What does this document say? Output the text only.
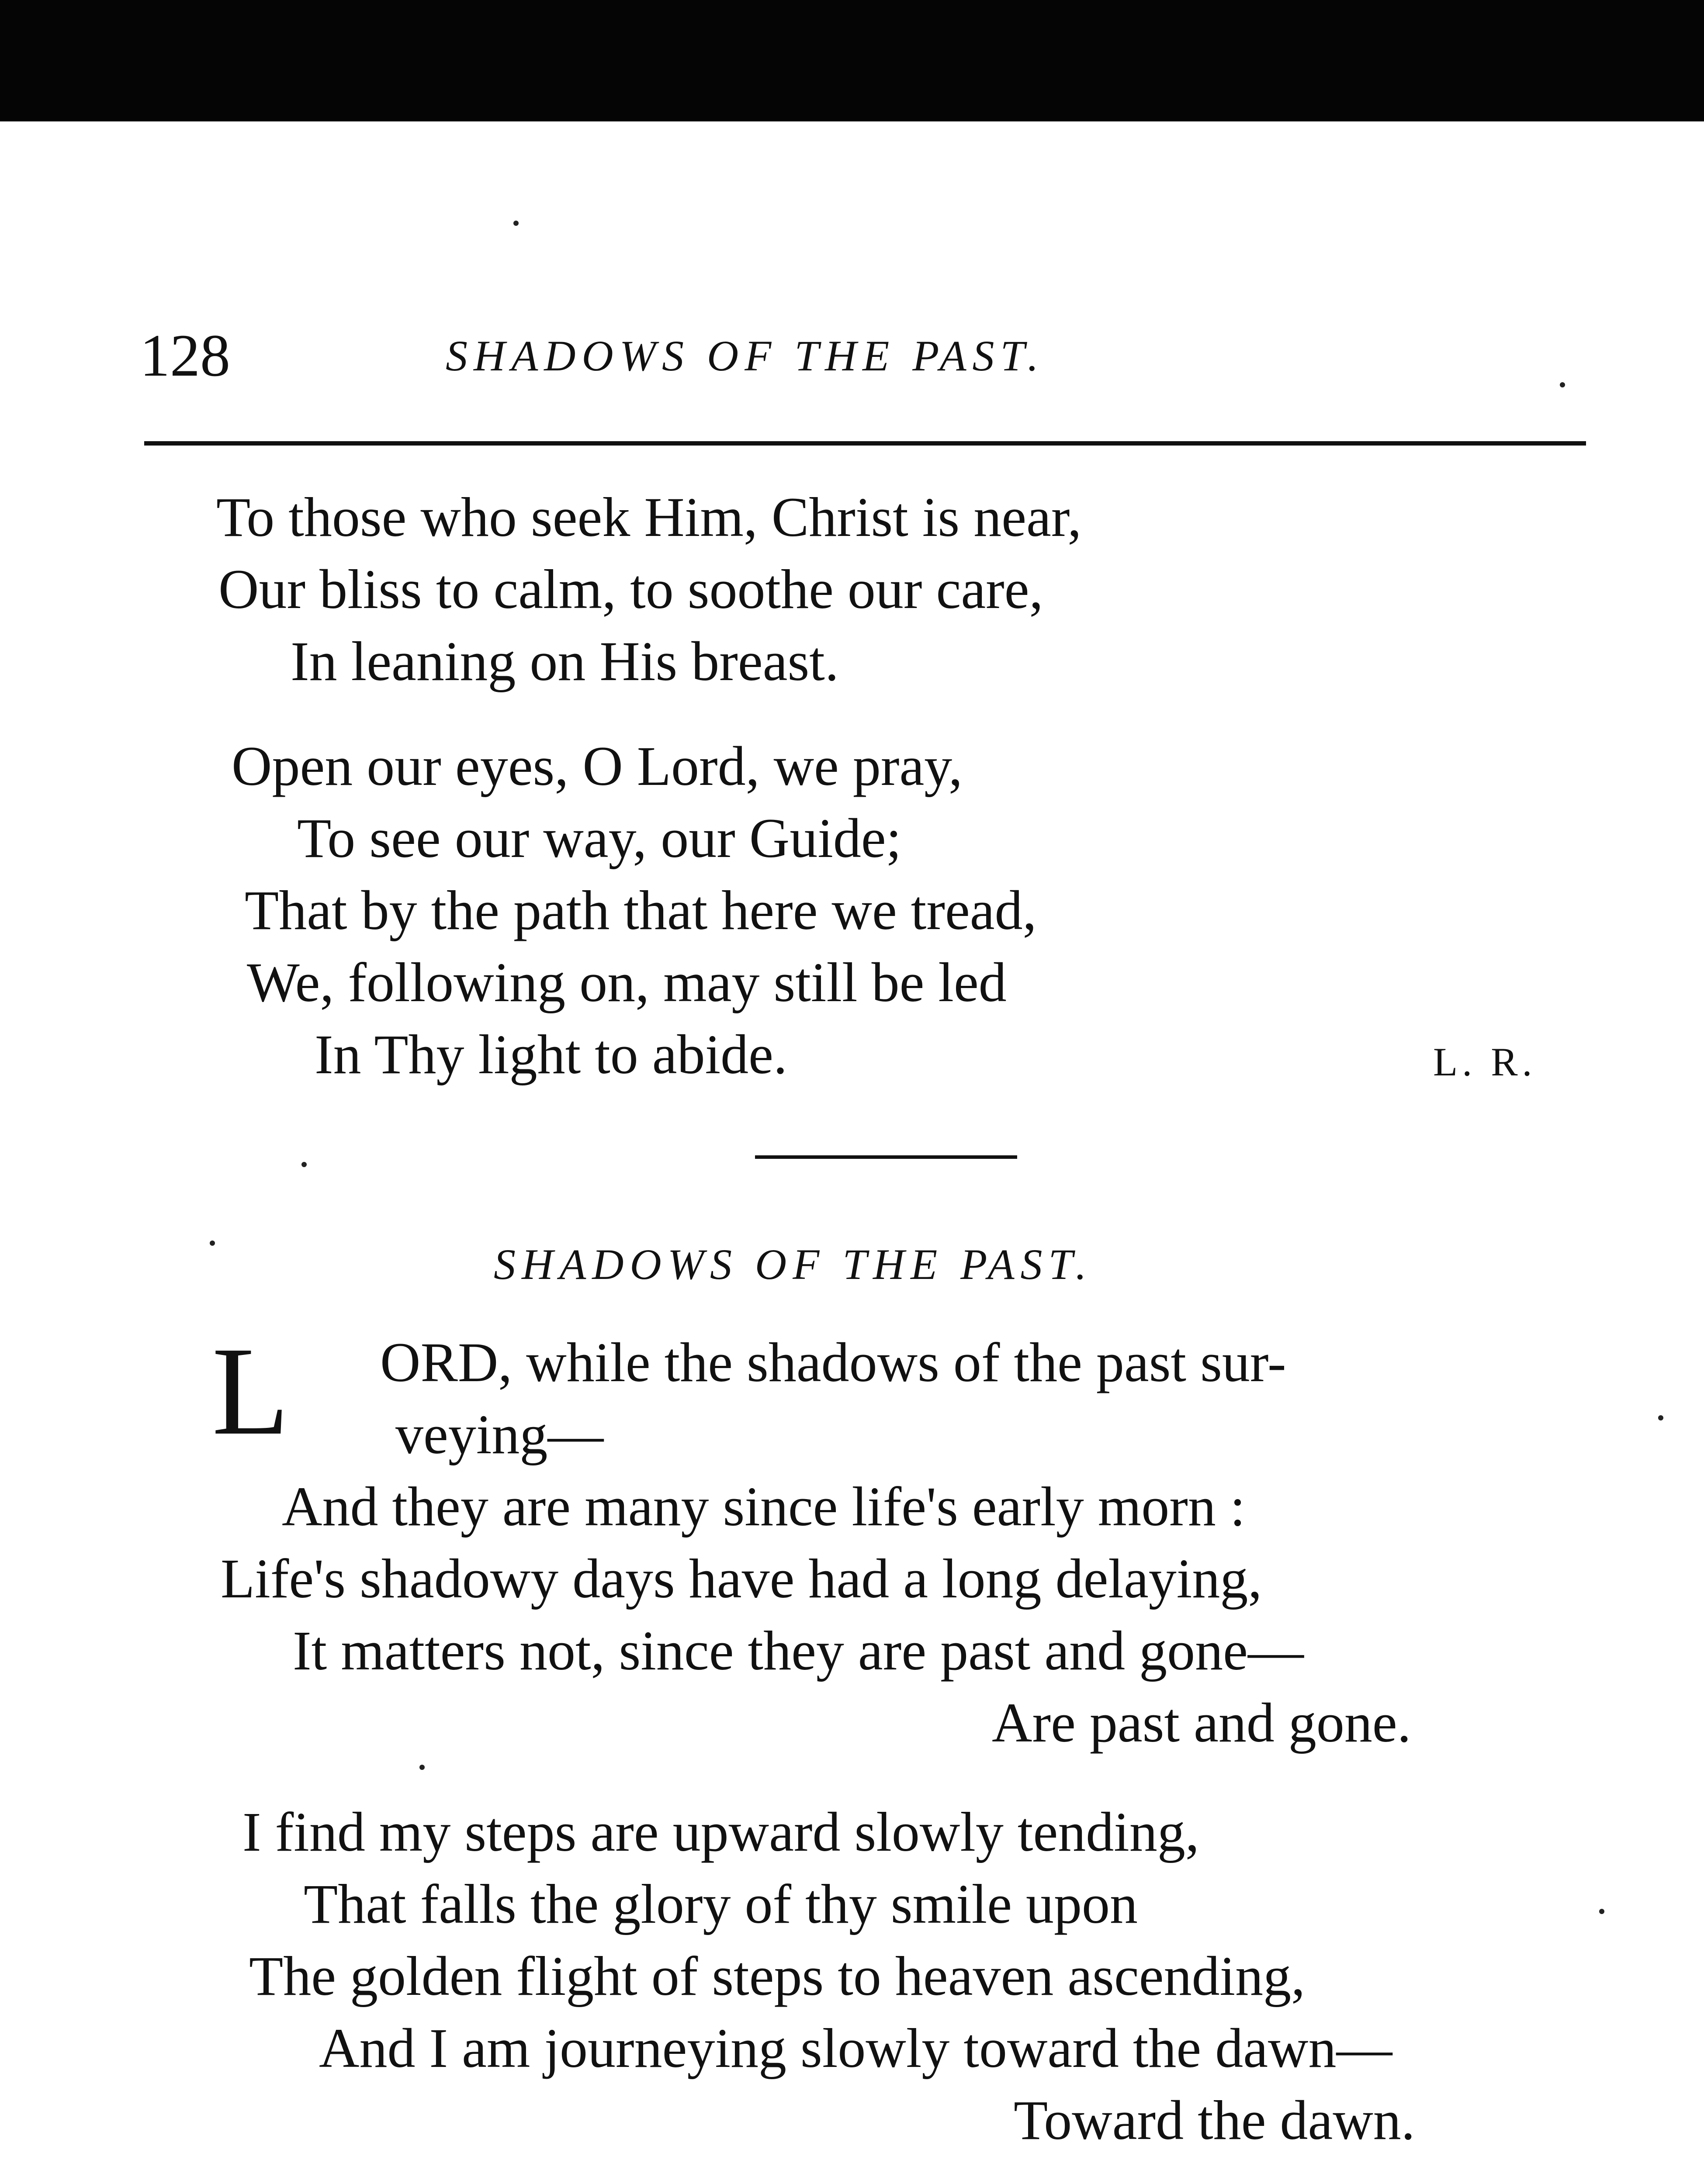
128	SHADOWS OF THE PAST.
To those who seek Him, Christ is near,
Our bliss to calm, to soothe our care,
In leaning on His breast.
Open our eyes, O Lord, we pray,
To see our way, our Guide;
That by the path that here we tread,
We, following on, may still be led
In Thy light to abide.	L. R.
SHADOWS OF THE PAST.
L ORD, while the shadows of the past sur-
veying—
And they are many since life's early morn :
Life's shadowy days have had a long delaying,
It matters not, since they are past and gone—
Are past and gone.
I find my steps are upward slowly tending,
That falls the glory of thy smile upon
The golden flight of steps to heaven ascending,
And I am journeying slowly toward the dawn—
Toward the dawn.
